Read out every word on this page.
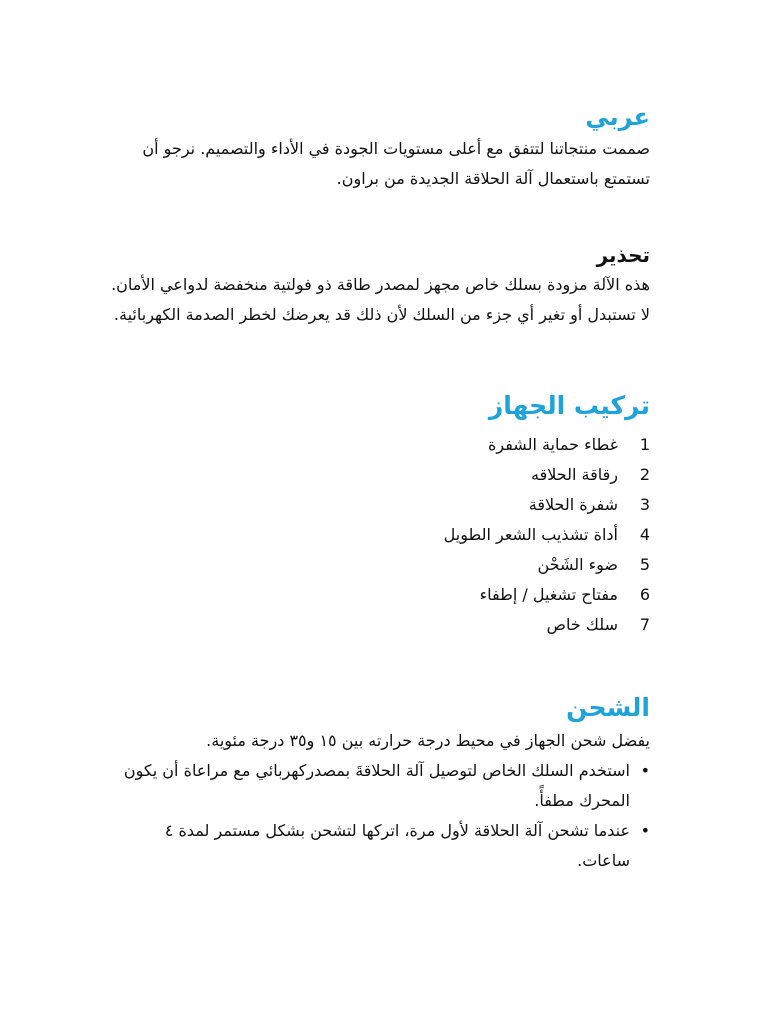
عربي

صممت منتجاتنا لتتفق مع أعلى مستويات الجودة في الأداء والتصميم. نرجو أن تستمتع باستعمال آلة الحلاقة الجديدة من براون.

تحذير

هذه الآلة مزودة بسلك خاص مجهز لمصدر طاقة ذو فولتية منخفضة لدواعي الأمان. لا تستبدل أو تغير أي جزء من السلك لأن ذلك قد يعرضك لخطر الصدمة الكهربائية.

تركيب الجهاز
1
غطاء حماية الشفرة
2
رقاقة الحلاقه
3
شفرة الحلاقة
4
أداة تشذيب الشعر الطويل
5
ضوء الشَحْن
6
مفتاح تشغيل / إطفاء
7
سلك خاص
الشحن

يفضل شحن الجهاز في محيط درجة حرارته بين ١٥ و٣٥ درجة مئوية.

•
استخدم السلك الخاص لتوصيل آلة الحلاقةَ بمصدركهربائي مع مراعاة أن يكون المحرك مطفأً.
•
عندما تشحن آلة الحلاقة لأول مرة، اتركها لتشحن بشكل مستمر لمدة ٤ ساعات.
